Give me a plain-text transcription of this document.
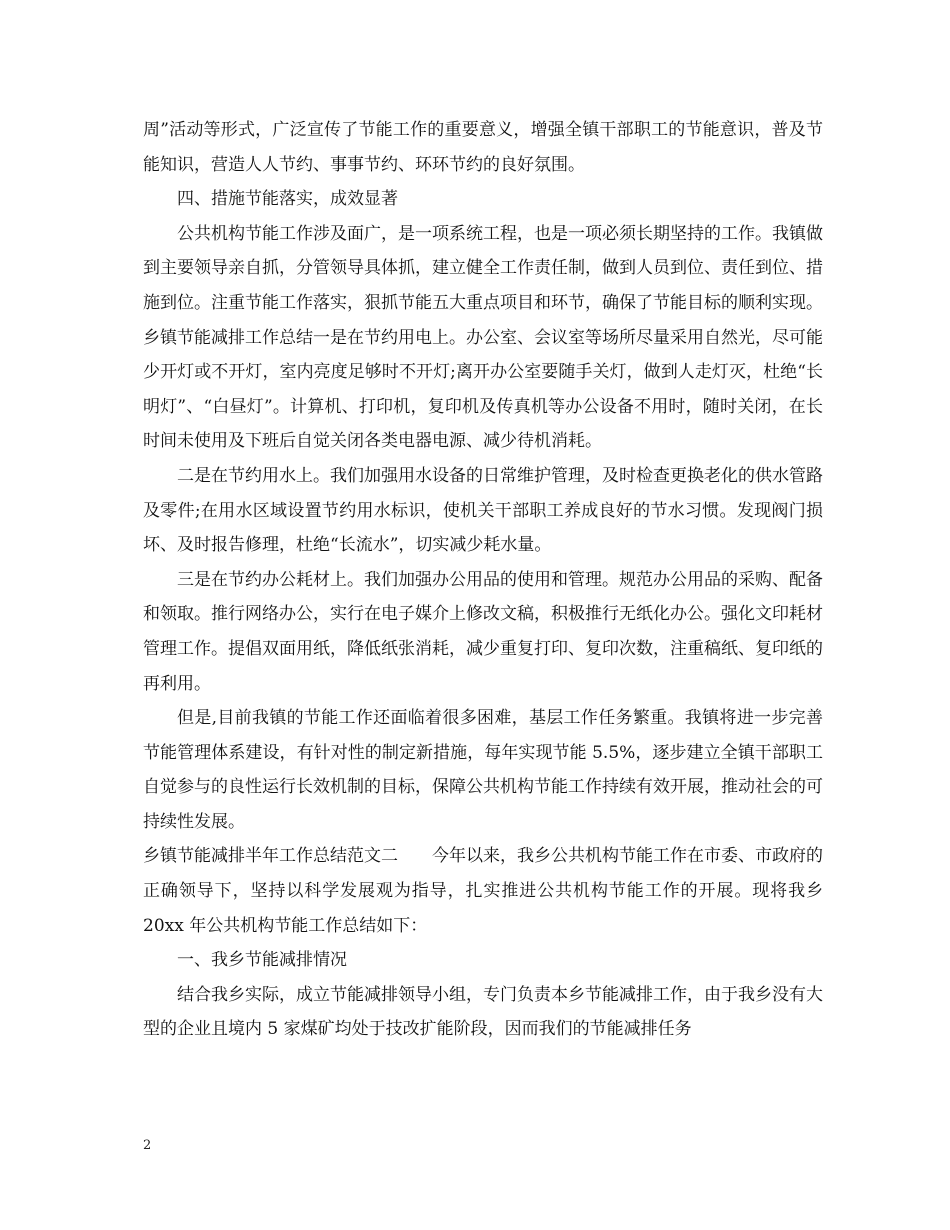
周”活动等形式，广泛宣传了节能工作的重要意义，增强全镇干部职工的节能意识，普及节能知识，营造人人节约、事事节约、环环节约的良好氛围。

四、措施节能落实，成效显著

公共机构节能工作涉及面广，是一项系统工程，也是一项必须长期坚持的工作。我镇做到主要领导亲自抓，分管领导具体抓，建立健全工作责任制，做到人员到位、责任到位、措施到位。注重节能工作落实，狠抓节能五大重点项目和环节，确保了节能目标的顺利实现。乡镇节能减排工作总结一是在节约用电上。办公室、会议室等场所尽量采用自然光，尽可能少开灯或不开灯，室内亮度足够时不开灯;离开办公室要随手关灯，做到人走灯灭，杜绝“长明灯”、“白昼灯”。计算机、打印机，复印机及传真机等办公设备不用时，随时关闭，在长时间未使用及下班后自觉关闭各类电器电源、减少待机消耗。

二是在节约用水上。我们加强用水设备的日常维护管理，及时检查更换老化的供水管路及零件;在用水区域设置节约用水标识，使机关干部职工养成良好的节水习惯。发现阀门损坏、及时报告修理，杜绝“长流水”，切实减少耗水量。

三是在节约办公耗材上。我们加强办公用品的使用和管理。规范办公用品的采购、配备和领取。推行网络办公，实行在电子媒介上修改文稿，积极推行无纸化办公。强化文印耗材管理工作。提倡双面用纸，降低纸张消耗，减少重复打印、复印次数，注重稿纸、复印纸的再利用。

但是,目前我镇的节能工作还面临着很多困难，基层工作任务繁重。我镇将进一步完善节能管理体系建设，有针对性的制定新措施，每年实现节能 5.5%，逐步建立全镇干部职工自觉参与的良性运行长效机制的目标，保障公共机构节能工作持续有效开展，推动社会的可持续性发展。

乡镇节能减排半年工作总结范文二　　今年以来，我乡公共机构节能工作在市委、市政府的正确领导下，坚持以科学发展观为指导，扎实推进公共机构节能工作的开展。现将我乡 20xx 年公共机构节能工作总结如下：

一、我乡节能减排情况

结合我乡实际，成立节能减排领导小组，专门负责本乡节能减排工作，由于我乡没有大型的企业且境内 5 家煤矿均处于技改扩能阶段，因而我们的节能减排任务

2
